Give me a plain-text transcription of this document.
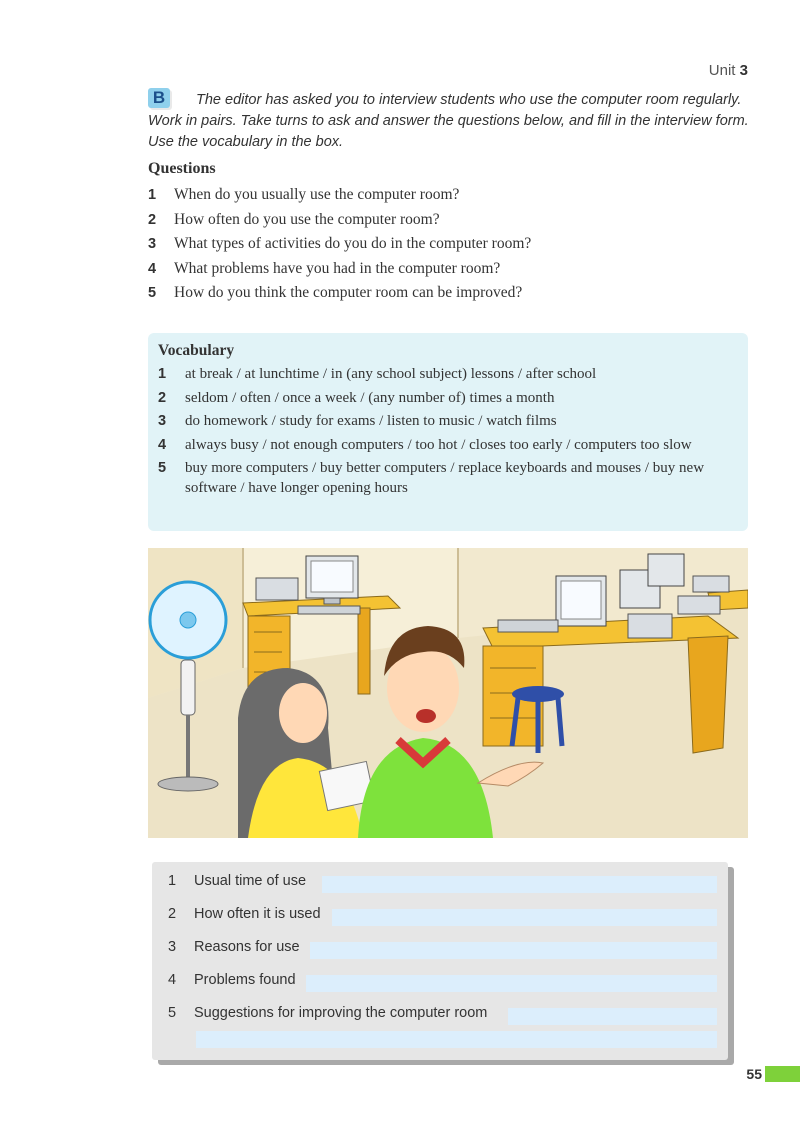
Unit 3

The editor has asked you to interview students who use the computer room regularly. Work in pairs. Take turns to ask and answer the questions below, and fill in the interview form. Use the vocabulary in the box.

B
Questions
1	When do you usually use the computer room?
2	How often do you use the computer room?
3	What types of activities do you do in the computer room?
4	What problems have you had in the computer room?
5	How do you think the computer room can be improved?
Vocabulary
1	at break / at lunchtime / in (any school subject) lessons / after school
2	seldom / often / once a week / (any number of) times a month
3	do homework / study for exams / listen to music / watch films
4	always busy / not enough computers / too hot / closes too early / computers too slow
5	buy more computers / buy better computers / replace keyboards and mouses / buy new software / have longer opening hours
1	Usual time of use
2	How often it is used
3	Reasons for use
4	Problems found
5	Suggestions for improving the computer room
55
